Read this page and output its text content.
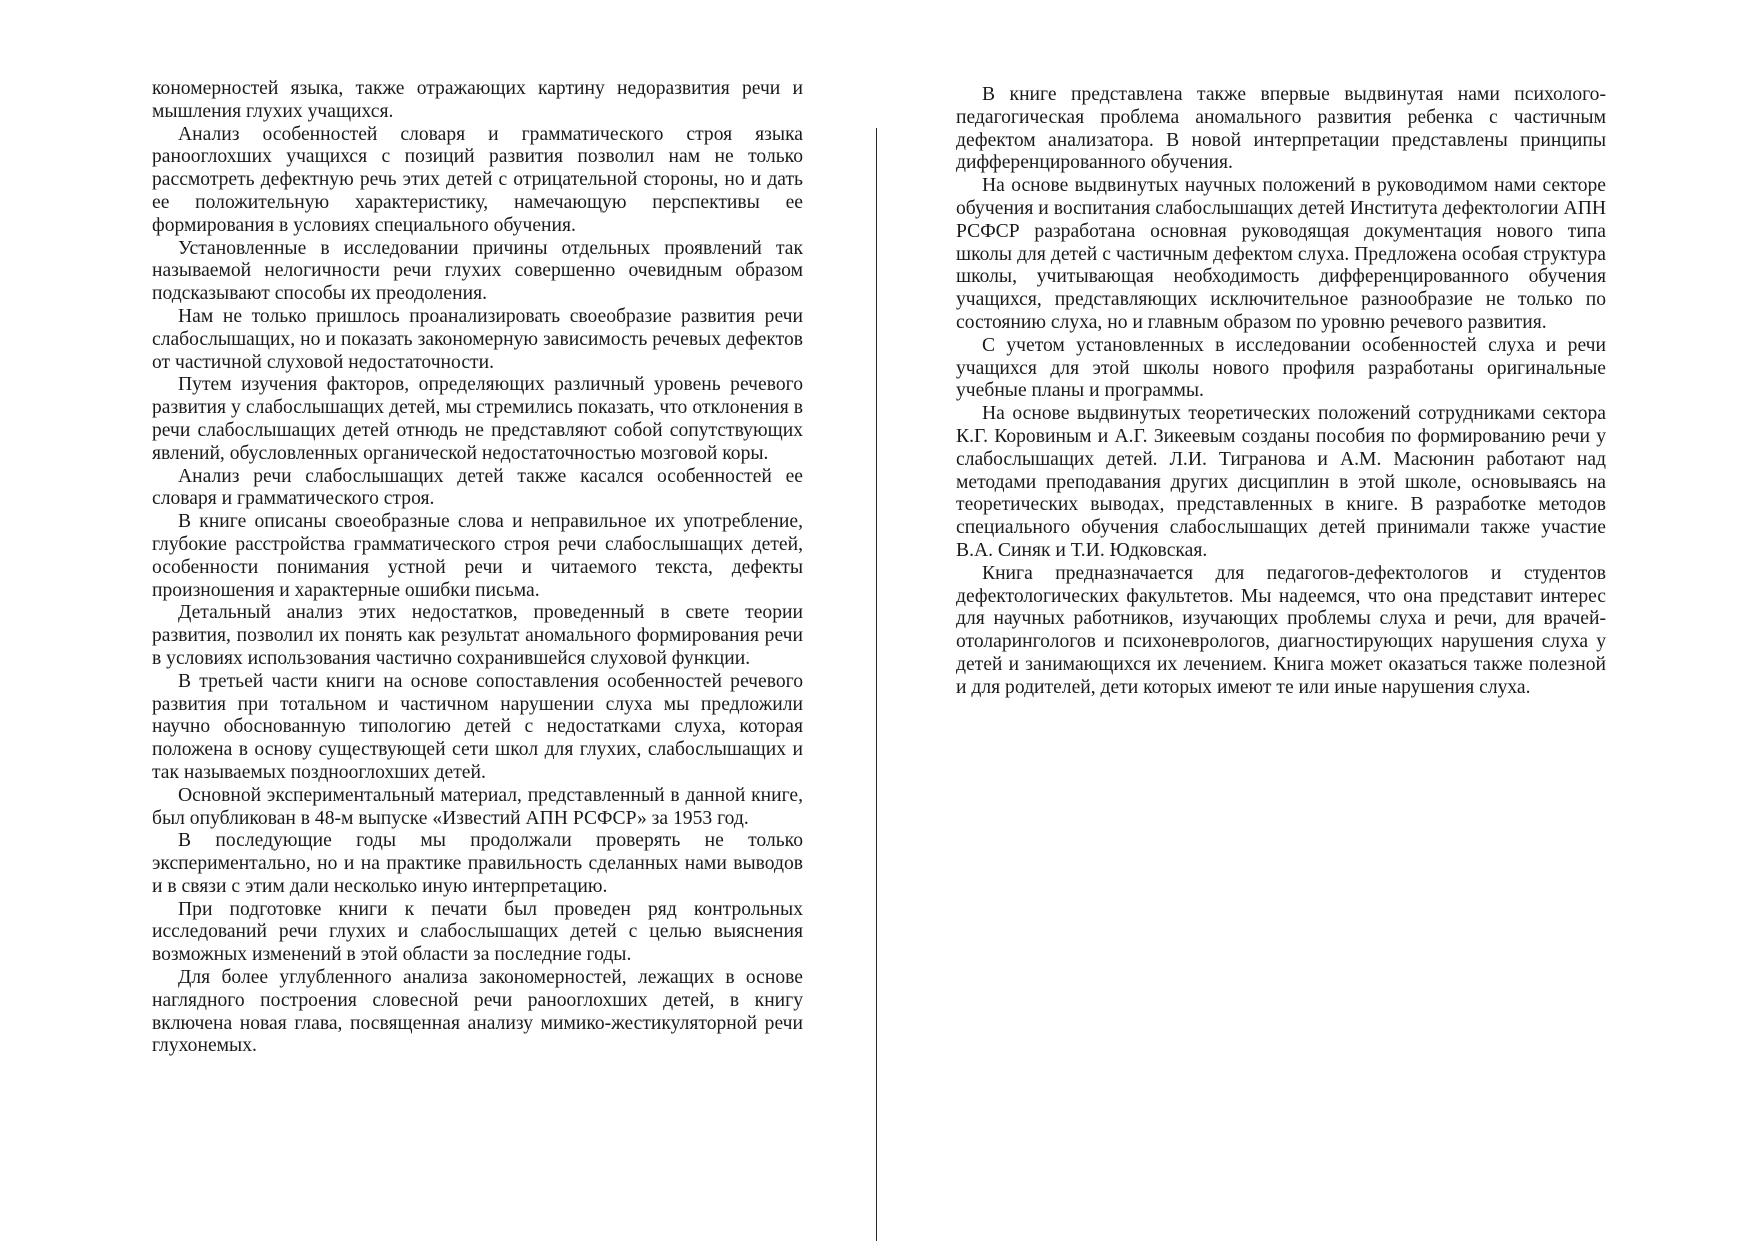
кономерностей языка, также отражающих картину недоразвития речи и мышления глухих учащихся.

Анализ особенностей словаря и грамматического строя языка ранооглохших учащихся с позиций развития позволил нам не только рассмотреть дефектную речь этих детей с отрицательной стороны, но и дать ее положительную характеристику, намечающую перспективы ее формирования в условиях специального обучения.

Установленные в исследовании причины отдельных проявлений так называемой нелогичности речи глухих совершенно очевидным образом подсказывают способы их преодоления.

Нам не только пришлось проанализировать своеобразие развития речи слабослышащих, но и показать закономерную зависимость речевых дефектов от частичной слуховой недостаточности.

Путем изучения факторов, определяющих различный уровень речевого развития у слабослышащих детей, мы стремились показать, что отклонения в речи слабослышащих детей отнюдь не представляют собой сопутствующих явлений, обусловленных органической недостаточностью мозговой коры.

Анализ речи слабослышащих детей также касался особенностей ее словаря и грамматического строя.

В книге описаны своеобразные слова и неправильное их употребление, глубокие расстройства грамматического строя речи слабослышащих детей, особенности понимания устной речи и читаемого текста, дефекты произношения и характерные ошибки письма.

Детальный анализ этих недостатков, проведенный в свете теории развития, позволил их понять как результат аномального формирования речи в условиях использования частично сохранившейся слуховой функции.

В третьей части книги на основе сопоставления особенностей речевого развития при тотальном и частичном нарушении слуха мы предложили научно обоснованную типологию детей с недостатками слуха, которая положена в основу существующей сети школ для глухих, слабослышащих и так называемых позднооглохших детей.

Основной экспериментальный материал, представленный в данной книге, был опубликован в 48-м выпуске «Известий АПН РСФСР» за 1953 год.

В последующие годы мы продолжали проверять не только экспериментально, но и на практике правильность сделанных нами выводов и в связи с этим дали несколько иную интерпретацию.

При подготовке книги к печати был проведен ряд контрольных исследований речи глухих и слабослышащих детей с целью выяснения возможных изменений в этой области за последние годы.

Для более углубленного анализа закономерностей, лежащих в основе наглядного построения словесной речи ранооглохших детей, в книгу включена новая глава, посвященная анализу мимико-жестикуляторной речи глухонемых.

В книге представлена также впервые выдвинутая нами психолого-педагогическая проблема аномального развития ребенка с частичным дефектом анализатора. В новой интерпретации представлены принципы дифференцированного обучения.

На основе выдвинутых научных положений в руководимом нами секторе обучения и воспитания слабослышащих детей Института дефектологии АПН РСФСР разработана основная руководящая документация нового типа школы для детей с частичным дефектом слуха. Предложена особая структура школы, учитывающая необходимость дифференцированного обучения учащихся, представляющих исключительное разнообразие не только по состоянию слуха, но и главным образом по уровню речевого развития.

С учетом установленных в исследовании особенностей слуха и речи учащихся для этой школы нового профиля разработаны оригинальные учебные планы и программы.

На основе выдвинутых теоретических положений сотрудниками сектора К.Г. Коровиным и А.Г. Зикеевым созданы пособия по формированию речи у слабослышащих детей. Л.И. Тигранова и А.М. Масюнин работают над методами преподавания других дисциплин в этой школе, основываясь на теоретических выводах, представленных в книге. В разработке методов специального обучения слабослышащих детей принимали также участие В.А. Синяк и Т.И. Юдковская.

Книга предназначается для педагогов-дефектологов и студентов дефектологических факультетов. Мы надеемся, что она представит интерес для научных работников, изучающих проблемы слуха и речи, для врачей-отоларингологов и психоневрологов, диагностирующих нарушения слуха у детей и занимающихся их лечением. Книга может оказаться также полезной и для родителей, дети которых имеют те или иные нарушения слуха.
